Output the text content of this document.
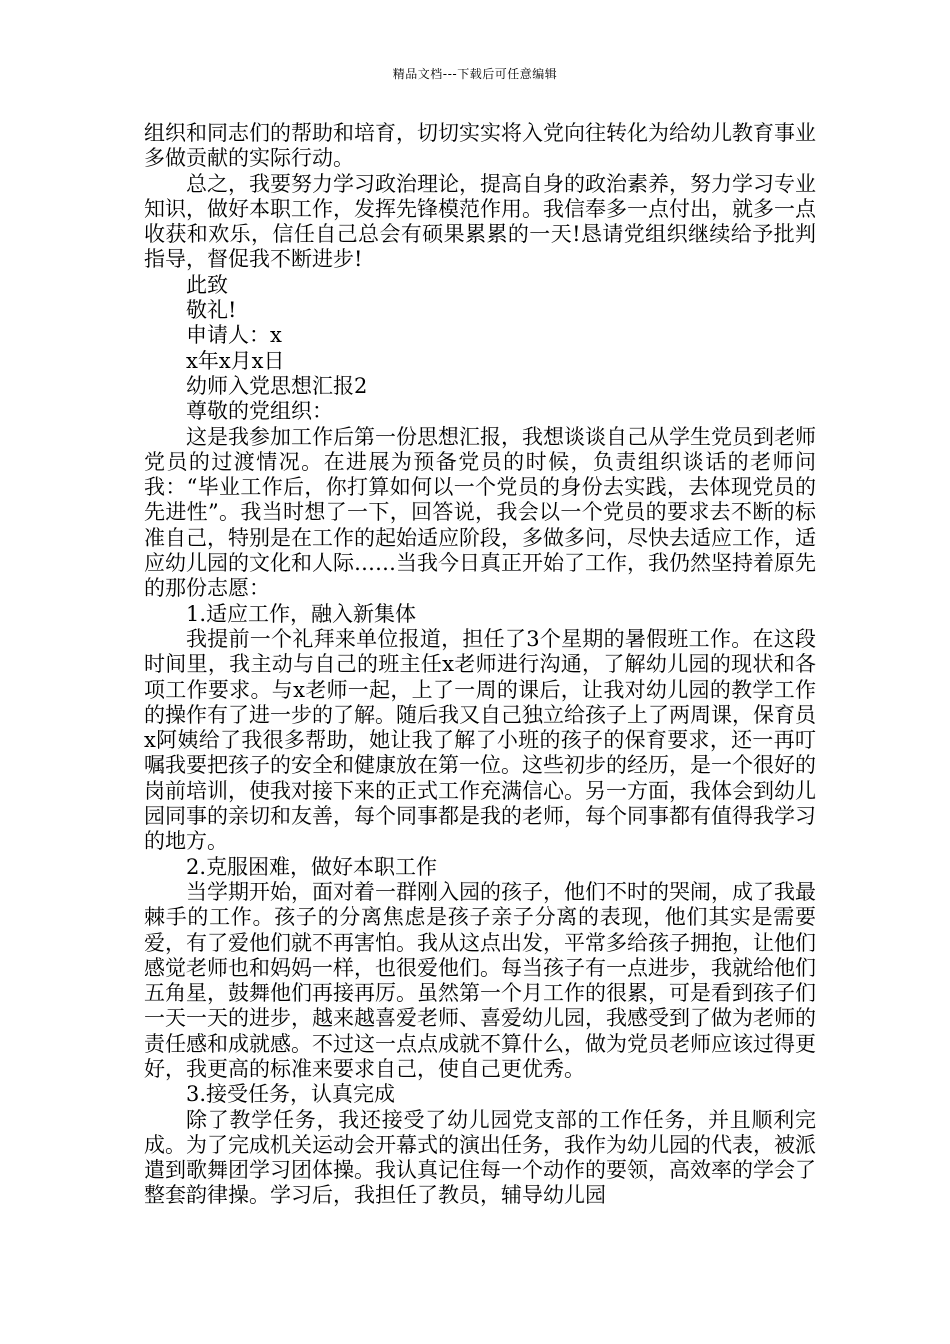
精品文档---下载后可任意编辑

组织和同志们的帮助和培育，切切实实将入党向往转化为给幼儿教育事业多做贡献的实际行动。

总之，我要努力学习政治理论，提高自身的政治素养，努力学习专业知识，做好本职工作，发挥先锋模范作用。我信奉多一点付出，就多一点收获和欢乐，信任自己总会有硕果累累的一天!恳请党组织继续给予批判指导，督促我不断进步!

此致

敬礼!

申请人：x

x年x月x日

幼师入党思想汇报2

尊敬的党组织：

这是我参加工作后第一份思想汇报，我想谈谈自己从学生党员到老师党员的过渡情况。在进展为预备党员的时候，负责组织谈话的老师问我：“毕业工作后，你打算如何以一个党员的身份去实践，去体现党员的先进性”。我当时想了一下，回答说，我会以一个党员的要求去不断的标准自己，特别是在工作的起始适应阶段，多做多问，尽快去适应工作，适应幼儿园的文化和人际……当我今日真正开始了工作，我仍然坚持着原先的那份志愿：

1.适应工作，融入新集体

我提前一个礼拜来单位报道，担任了3个星期的暑假班工作。在这段时间里，我主动与自己的班主任x老师进行沟通，了解幼儿园的现状和各项工作要求。与x老师一起，上了一周的课后，让我对幼儿园的教学工作的操作有了进一步的了解。随后我又自己独立给孩子上了两周课，保育员x阿姨给了我很多帮助，她让我了解了小班的孩子的保育要求，还一再叮嘱我要把孩子的安全和健康放在第一位。这些初步的经历，是一个很好的岗前培训，使我对接下来的正式工作充满信心。另一方面，我体会到幼儿园同事的亲切和友善，每个同事都是我的老师，每个同事都有值得我学习的地方。

2.克服困难，做好本职工作

当学期开始，面对着一群刚入园的孩子，他们不时的哭闹，成了我最棘手的工作。孩子的分离焦虑是孩子亲子分离的表现，他们其实是需要爱，有了爱他们就不再害怕。我从这点出发，平常多给孩子拥抱，让他们感觉老师也和妈妈一样，也很爱他们。每当孩子有一点进步，我就给他们五角星，鼓舞他们再接再厉。虽然第一个月工作的很累，可是看到孩子们一天一天的进步，越来越喜爱老师、喜爱幼儿园，我感受到了做为老师的责任感和成就感。不过这一点点成就不算什么，做为党员老师应该过得更好，我更高的标准来要求自己，使自己更优秀。

3.接受任务，认真完成

除了教学任务，我还接受了幼儿园党支部的工作任务，并且顺利完成。为了完成机关运动会开幕式的演出任务，我作为幼儿园的代表，被派遣到歌舞团学习团体操。我认真记住每一个动作的要领，高效率的学会了整套韵律操。学习后，我担任了教员，辅导幼儿园
